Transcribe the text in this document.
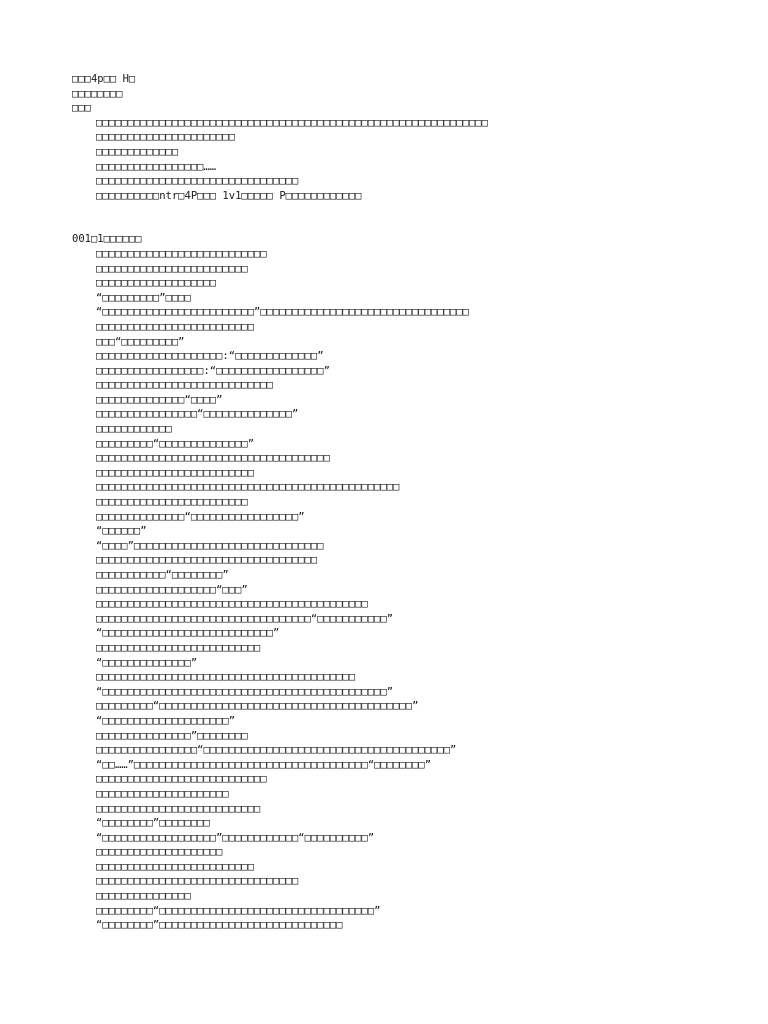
□□□4p□□ H□
□□□□□□□□
□□□
□□□□□□□□□□□□□□□□□□□□□□□□□□□□□□□□□□□□□□□□□□□□□□□□□□□□□□□□□□□□□□
□□□□□□□□□□□□□□□□□□□□□□
□□□□□□□□□□□□□
□□□□□□□□□□□□□□□□□……
□□□□□□□□□□□□□□□□□□□□□□□□□□□□□□□□
□□□□□□□□□□ntr□4P□□□ 1v1□□□□□ P□□□□□□□□□□□□
001□1□□□□□□
□□□□□□□□□□□□□□□□□□□□□□□□□□□
□□□□□□□□□□□□□□□□□□□□□□□□
□□□□□□□□□□□□□□□□□□□
“□□□□□□□□□”□□□□
“□□□□□□□□□□□□□□□□□□□□□□□□”□□□□□□□□□□□□□□□□□□□□□□□□□□□□□□□□□
□□□□□□□□□□□□□□□□□□□□□□□□□
□□□“□□□□□□□□□”
□□□□□□□□□□□□□□□□□□□□:“□□□□□□□□□□□□□”
□□□□□□□□□□□□□□□□□:“□□□□□□□□□□□□□□□□□”
□□□□□□□□□□□□□□□□□□□□□□□□□□□□
□□□□□□□□□□□□□□“□□□□”
□□□□□□□□□□□□□□□□“□□□□□□□□□□□□□□”
□□□□□□□□□□□□
□□□□□□□□□“□□□□□□□□□□□□□□”
□□□□□□□□□□□□□□□□□□□□□□□□□□□□□□□□□□□□□
□□□□□□□□□□□□□□□□□□□□□□□□□
□□□□□□□□□□□□□□□□□□□□□□□□□□□□□□□□□□□□□□□□□□□□□□□□
□□□□□□□□□□□□□□□□□□□□□□□□
□□□□□□□□□□□□□□“□□□□□□□□□□□□□□□□□”
“□□□□□□”
“□□□□”□□□□□□□□□□□□□□□□□□□□□□□□□□□□□□
□□□□□□□□□□□□□□□□□□□□□□□□□□□□□□□□□□□
□□□□□□□□□□□“□□□□□□□□”
□□□□□□□□□□□□□□□□□□□“□□□”
□□□□□□□□□□□□□□□□□□□□□□□□□□□□□□□□□□□□□□□□□□□
□□□□□□□□□□□□□□□□□□□□□□□□□□□□□□□□□□“□□□□□□□□□□□”
“□□□□□□□□□□□□□□□□□□□□□□□□□□□”
□□□□□□□□□□□□□□□□□□□□□□□□□□
“□□□□□□□□□□□□□□”
□□□□□□□□□□□□□□□□□□□□□□□□□□□□□□□□□□□□□□□□□
“□□□□□□□□□□□□□□□□□□□□□□□□□□□□□□□□□□□□□□□□□□□□□”
□□□□□□□□□“□□□□□□□□□□□□□□□□□□□□□□□□□□□□□□□□□□□□□□□□”
“□□□□□□□□□□□□□□□□□□□□”
□□□□□□□□□□□□□□□”□□□□□□□□
□□□□□□□□□□□□□□□□“□□□□□□□□□□□□□□□□□□□□□□□□□□□□□□□□□□□□□□□”
“□□……”□□□□□□□□□□□□□□□□□□□□□□□□□□□□□□□□□□□□□“□□□□□□□□”
□□□□□□□□□□□□□□□□□□□□□□□□□□□
□□□□□□□□□□□□□□□□□□□□□
□□□□□□□□□□□□□□□□□□□□□□□□□□
“□□□□□□□□”□□□□□□□□
“□□□□□□□□□□□□□□□□□□”□□□□□□□□□□□□“□□□□□□□□□□”
□□□□□□□□□□□□□□□□□□□□
□□□□□□□□□□□□□□□□□□□□□□□□□
□□□□□□□□□□□□□□□□□□□□□□□□□□□□□□□□
□□□□□□□□□□□□□□□
□□□□□□□□□“□□□□□□□□□□□□□□□□□□□□□□□□□□□□□□□□□□”
“□□□□□□□□”□□□□□□□□□□□□□□□□□□□□□□□□□□□□□
